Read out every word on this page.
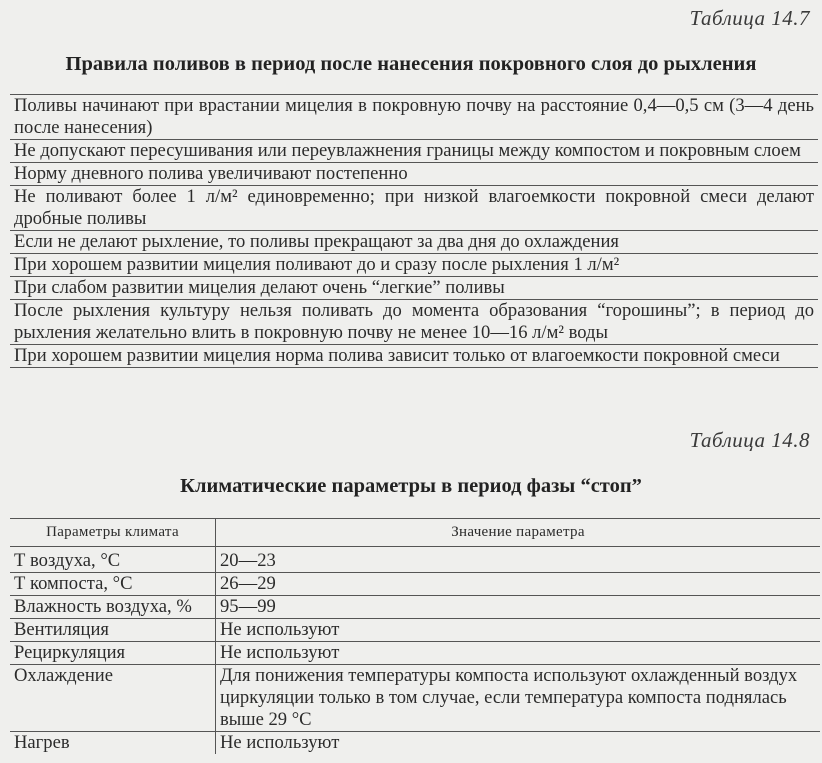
Таблица 14.7
Правила поливов в период после нанесения покровного слоя до рыхления
Поливы начинают при врастании мицелия в покровную почву на расстояние 0,4—0,5 см (3—4 день после нанесения)
Не допускают пересушивания или переувлажнения границы между компостом и покровным слоем
Норму дневного полива увеличивают постепенно
Не поливают более 1 л/м² единовременно; при низкой влагоемкости покровной смеси делают дробные поливы
Если не делают рыхление, то поливы прекращают за два дня до охлаждения
При хорошем развитии мицелия поливают до и сразу после рыхления 1 л/м²
При слабом развитии мицелия делают очень “легкие” поливы
После рыхления культуру нельзя поливать до момента образования “горошины”; в период до рыхления желательно влить в покровную почву не менее 10—16 л/м² воды
При хорошем развитии мицелия норма полива зависит только от влагоемкости покровной смеси
Таблица 14.8
Климатические параметры в период фазы “стоп”
Параметры климата	Значение параметра

Т воздуха, °С	20—23
Т компоста, °С	26—29
Влажность воздуха, %	95—99
Вентиляция	Не используют
Рециркуляция	Не используют
Охлаждение	Для понижения температуры компоста используют охлажденный воздух циркуляции только в том случае, если температура компоста поднялась выше 29 °С
Нагрев	Не используют
